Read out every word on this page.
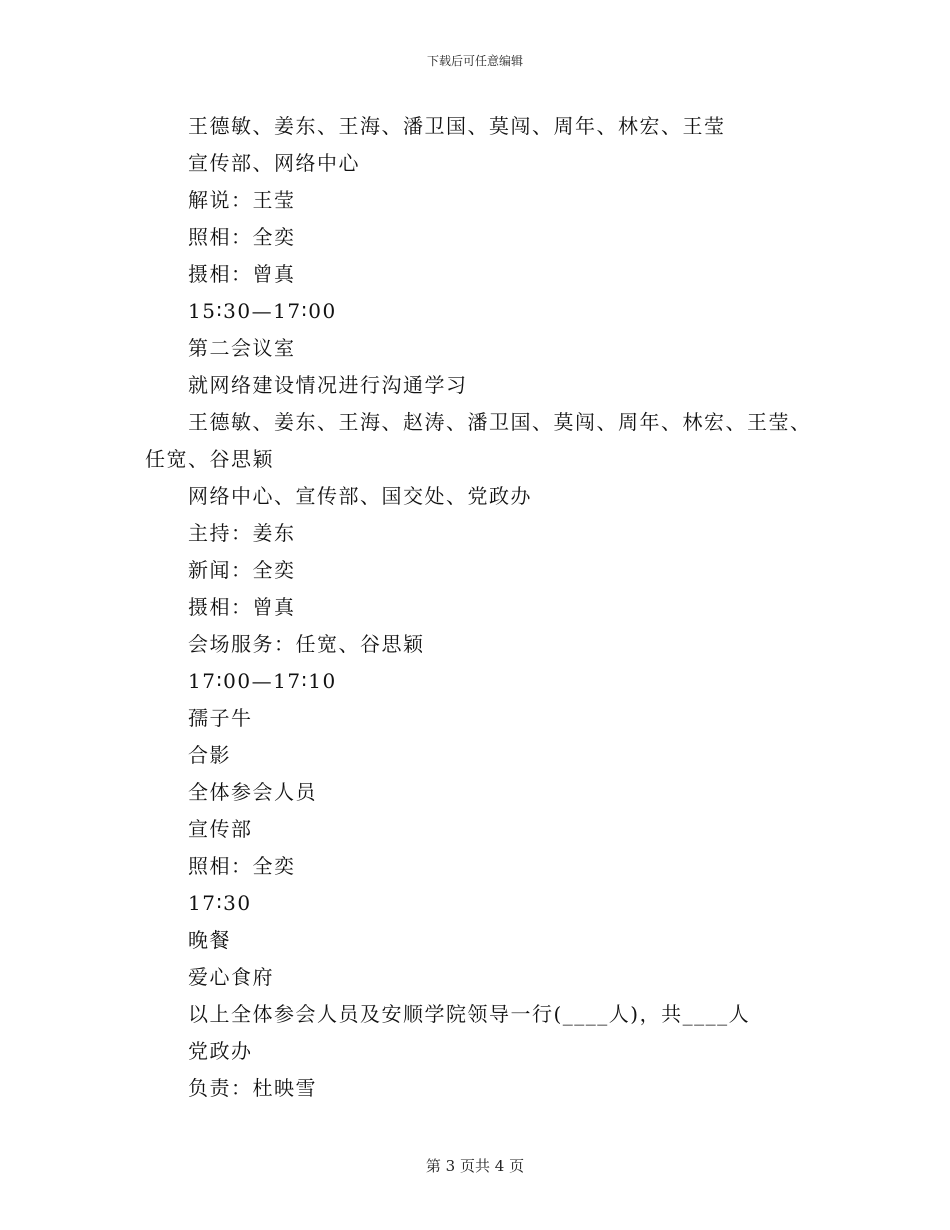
下载后可任意编辑
王德敏、姜东、王海、潘卫国、莫闯、周年、林宏、王莹
宣传部、网络中心
解说：王莹
照相：全奕
摄相：曾真
15∶30—17∶00
第二会议室
就网络建设情况进行沟通学习
王德敏、姜东、王海、赵涛、潘卫国、莫闯、周年、林宏、王莹、
任宽、谷思颖
网络中心、宣传部、国交处、党政办
主持：姜东
新闻：全奕
摄相：曾真
会场服务：任宽、谷思颖
17∶00—17∶10
孺子牛
合影
全体参会人员
宣传部
照相：全奕
17∶30
晚餐
爱心食府
以上全体参会人员及安顺学院领导一行(____人)，共____人
党政办
负责：杜映雪
第 3 页共 4 页
